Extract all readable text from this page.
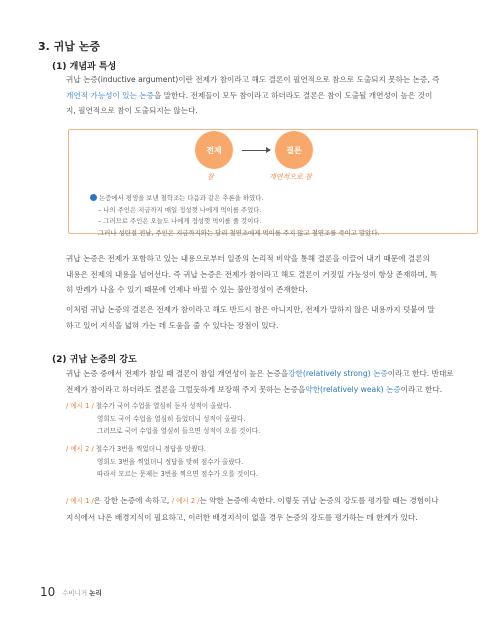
3. 귀납 논증
(1) 개념과 특성
귀납 논증(inductive argument)이란 전제가 참이라고 해도 결론이 필연적으로 참으로 도출되지 못하는 논증, 즉
개연적 가능성이 있는 논증을 말한다. 전제들이 모두 참이라고 하더라도 결론은 참이 도출될 개연성이 높은 것이
지, 필연적으로 참이 도출되지는 않는다.
전제	결론
참	개연적으로 참
논증에서 평생을 보낸 철학조는 다음과 같은 추론을 하였다.
– 나의 주인은 지금까지 매일 정성껏 나에게 먹이를 주었다.
– 그러므로 주인은 오늘도 나에게 정성껏 먹이를 줄 것이다.
그러나 성탄절 전날, 주인은 지금까지와는 달리 철연조에게 먹이를 주지 않고 철연조를 죽이고 말았다.
귀납 논증은 전제가 포함하고 있는 내용으로부터 일종의 논리적 비약을 통해 결론을 이끌어 내기 때문에 결론의
내용은 전제의 내용을 넘어선다. 즉 귀납 논증은 전제가 참이라고 해도 결론이 거짓일 가능성이 항상 존재하며, 특
히 반례가 나올 수 있기 때문에 언제나 바뀔 수 있는 불안정성이 존재한다.
이처럼 귀납 논증의 결론은 전제가 참이라고 해도 반드시 참은 아니지만, 전제가 말하지 않은 내용까지 덧붙여 말
하고 있어 지식을 넓혀 가는 데 도움을 줄 수 있다는 장점이 있다.
(2) 귀납 논증의 강도
귀납 논증 중에서 전제가 참일 때 결론이 참일 개연성이 높은 논증을강한(relatively strong) 논증이라고 한다. 반대로
전제가 참이라고 하더라도 결론을 그럴듯하게 보장해 주지 못하는 논증을약한(relatively weak) 논증이라고 한다.
/ 예시 1 / 철수가 국어 수업을 열심히 듣자 성적이 올랐다.
영희도 국어 수업을 열심히 들었더니 성적이 올랐다.
그러므로 국어 수업을 열심히 들으면 성적이 오를 것이다.
/ 예시 2 / 철수가 3번을 찍었더니 정답을 맞췄다.
영희도 3번을 찍었더니 정답을 맞혀 점수가 올랐다.
따라서 모르는 문제는 3번을 찍으면 점수가 오를 것이다.
/ 예시 1 /은 강한 논증에 속하고, / 예시 2 /는 약한 논증에 속한다. 이렇듯 귀납 논증의 강도를 평가할 때는 경험이나
지식에서 나온 배경지식이 필요하고, 이러한 배경지식이 없을 경우 논증의 강도를 평가하는 데 한계가 있다.
10 수비니거 논리
